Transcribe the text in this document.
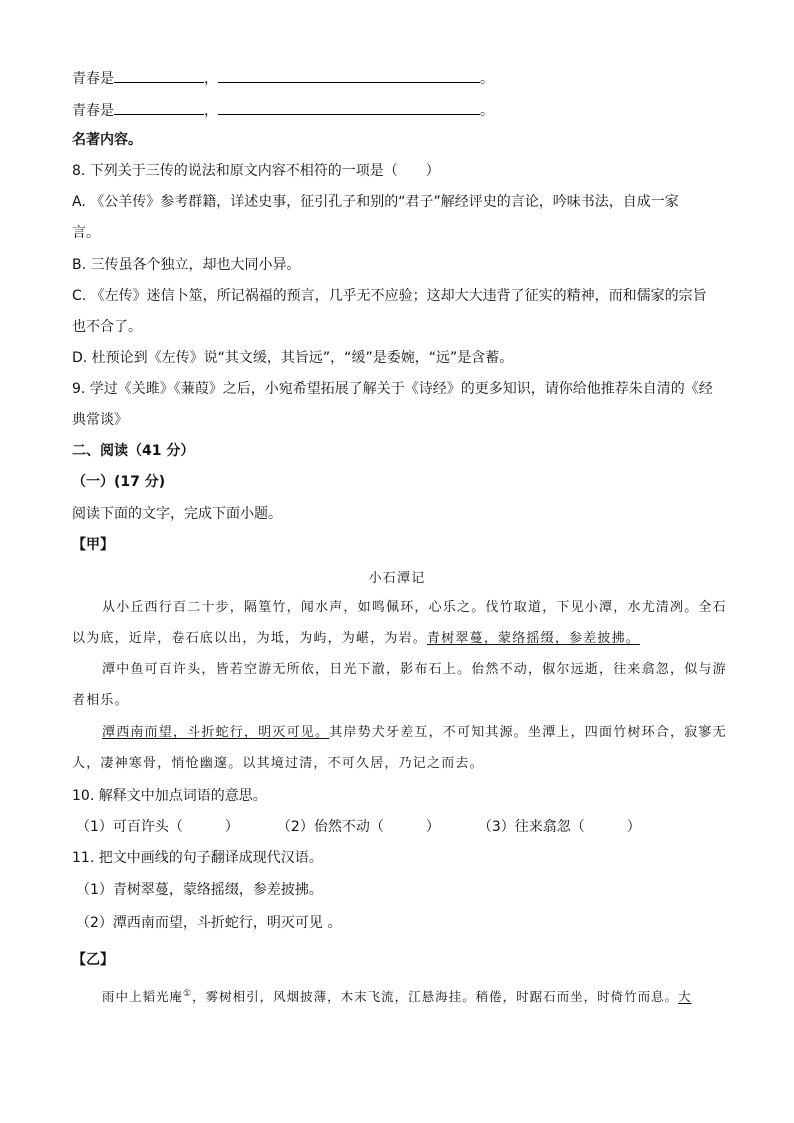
青春是	，	。
青春是	，	。
名著内容。
8. 下列关于三传的说法和原文内容不相符的一项是（　　）
A. 《公羊传》参考群籍，详述史事，征引孔子和别的“君子”解经评史的言论，吟味书法，自成一家
言。
B. 三传虽各个独立，却也大同小异。
C. 《左传》迷信卜筮，所记祸福的预言，几乎无不应验；这却大大违背了征实的精神，而和儒家的宗旨
也不合了。
D. 杜预论到《左传》说“其文缓，其旨远”，“缓”是委婉，“远”是含蓄。
9. 学过《关雎》《蒹葭》之后，小宛希望拓展了解关于《诗经》的更多知识，请你给他推荐朱自清的《经
典常谈》
二、阅读（41 分）
（一）(17 分)
阅读下面的文字，完成下面小题。
【甲】
小石潭记
从小丘西行百二十步，隔篁竹，闻水声，如鸣佩环，心乐之。伐竹取道，下见小潭，水尤清冽。全石
以为底，近岸，卷石底以出，为坻，为屿，为嵁，为岩。青树翠蔓，蒙络摇缀，参差披拂。
潭中鱼可百许头，皆若空游无所依，日光下澈，影布石上。佁然不动，俶尔远逝，往来翕忽，似与游
者相乐。
潭西南而望，斗折蛇行，明灭可见。其岸势犬牙差互，不可知其源。坐潭上，四面竹树环合，寂寥无
人，凄神寒骨，悄怆幽邃。以其境过清，不可久居，乃记之而去。
10. 解释文中加点词语的意思。
（1）可百许头（	）	（2）佁然不动（	）	（3）往来翕忽（	）
11. 把文中画线的句子翻译成现代汉语。
（1）青树翠蔓，蒙络摇缀，参差披拂。
（2）潭西南而望，斗折蛇行，明灭可见 。
【乙】
雨中上韬光庵①，雾树相引，风烟披薄，木末飞流，江悬海挂。稍倦，时踞石而坐，时倚竹而息。大
